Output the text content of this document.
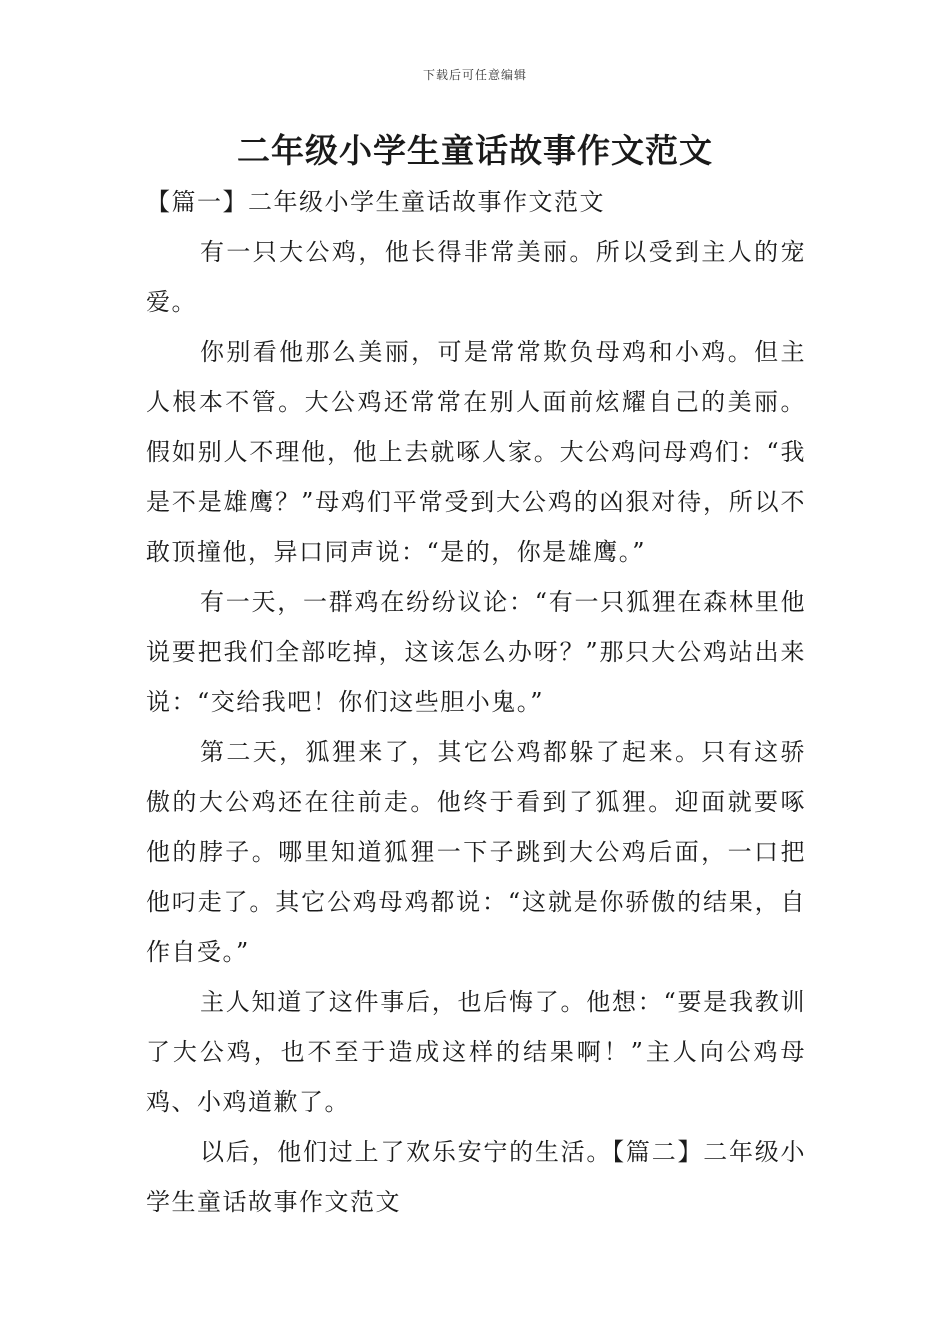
下载后可任意编辑
二年级小学生童话故事作文范文
【篇一】二年级小学生童话故事作文范文

有一只大公鸡，他长得非常美丽。所以受到主人的宠爱。

你别看他那么美丽，可是常常欺负母鸡和小鸡。但主人根本不管。大公鸡还常常在别人面前炫耀自己的美丽。假如别人不理他，他上去就啄人家。大公鸡问母鸡们：“我是不是雄鹰？”母鸡们平常受到大公鸡的凶狠对待，所以不敢顶撞他，异口同声说：“是的，你是雄鹰。”

有一天，一群鸡在纷纷议论：“有一只狐狸在森林里他说要把我们全部吃掉，这该怎么办呀？”那只大公鸡站出来说：“交给我吧！你们这些胆小鬼。”

第二天，狐狸来了，其它公鸡都躲了起来。只有这骄傲的大公鸡还在往前走。他终于看到了狐狸。迎面就要啄他的脖子。哪里知道狐狸一下子跳到大公鸡后面，一口把他叼走了。其它公鸡母鸡都说：“这就是你骄傲的结果，自作自受。”

主人知道了这件事后，也后悔了。他想：“要是我教训了大公鸡，也不至于造成这样的结果啊！”主人向公鸡母鸡、小鸡道歉了。

以后，他们过上了欢乐安宁的生活。【篇二】二年级小学生童话故事作文范文
